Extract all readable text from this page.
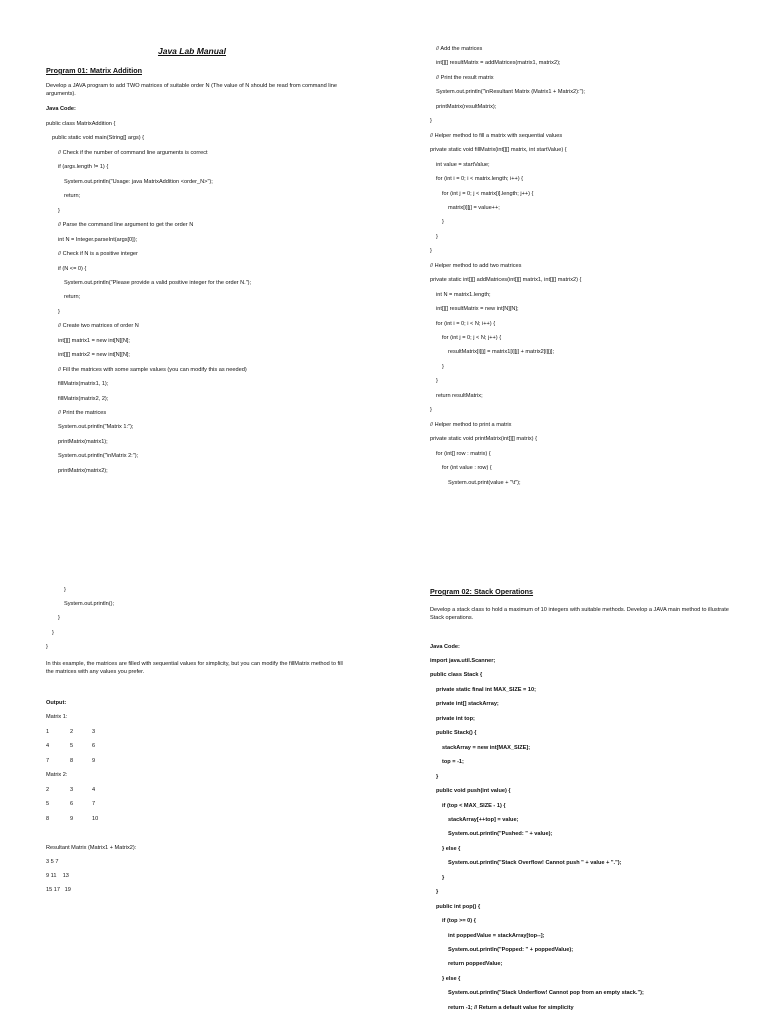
Java Lab Manual
Program 01: Matrix Addition
Develop a JAVA program to add TWO matrices of suitable order N (The value of N should be read from command line arguments).
Java Code:
public class MatrixAddition {
public static void main(String[] args) {
// Check if the number of command line arguments is correct
if (args.length != 1) {
System.out.println("Usage: java MatrixAddition <order_N>");
return;
}
// Parse the command line argument to get the order N
int N = Integer.parseInt(args[0]);
// Check if N is a positive integer
if (N <= 0) {
System.out.println("Please provide a valid positive integer for the order N.");
return;
}
// Create two matrices of order N
int[][] matrix1 = new int[N][N];
int[][] matrix2 = new int[N][N];
// Fill the matrices with some sample values (you can modify this as needed)
fillMatrix(matrix1, 1);
fillMatrix(matrix2, 2);
// Print the matrices
System.out.println("Matrix 1:");
printMatrix(matrix1);
System.out.println("\nMatrix 2:");
printMatrix(matrix2);
// Add the matrices
int[][] resultMatrix = addMatrices(matrix1, matrix2);
// Print the result matrix
System.out.println("\nResultant Matrix (Matrix1 + Matrix2):");
printMatrix(resultMatrix);
}
// Helper method to fill a matrix with sequential values
private static void fillMatrix(int[][] matrix, int startValue) {
int value = startValue;
for (int i = 0; i < matrix.length; i++) {
for (int j = 0; j < matrix[i].length; j++) {
matrix[i][j] = value++;
}
}
}
// Helper method to add two matrices
private static int[][] addMatrices(int[][] matrix1, int[][] matrix2) {
int N = matrix1.length;
int[][] resultMatrix = new int[N][N];
for (int i = 0; i < N; i++) {
for (int j = 0; j < N; j++) {
resultMatrix[i][j] = matrix1[i][j] + matrix2[i][j];
}
}
return resultMatrix;
}
// Helper method to print a matrix
private static void printMatrix(int[][] matrix) {
for (int[] row : matrix) {
for (int value : row) {
System.out.print(value + "\t");
}
System.out.println();
}
}
}
In this example, the matrices are filled with sequential values for simplicity, but you can modify the fillMatrix method to fill the matrices with any values you prefer.
Output:
Matrix 1:
1	2	3
4	5	6
7	8	9
Matrix 2:
2	3	4
5	6	7
8	9	10
Resultant Matrix (Matrix1 + Matrix2):
3 5 7
9 11    13
15 17   19
Program 02: Stack Operations
Develop a stack class to hold a maximum of 10 integers with suitable methods. Develop a JAVA main method to illustrate Stack operations.
Java Code:
import java.util.Scanner;
public class Stack {
private static final int MAX_SIZE = 10;
private int[] stackArray;
private int top;
public Stack() {
stackArray = new int[MAX_SIZE];
top = -1;
}
public void push(int value) {
if (top < MAX_SIZE - 1) {
stackArray[++top] = value;
System.out.println("Pushed: " + value);
} else {
System.out.println("Stack Overflow! Cannot push " + value + ".");
}
}
public int pop() {
if (top >= 0) {
int poppedValue = stackArray[top--];
System.out.println("Popped: " + poppedValue);
return poppedValue;
} else {
System.out.println("Stack Underflow! Cannot pop from an empty stack.");
return -1; // Return a default value for simplicity
